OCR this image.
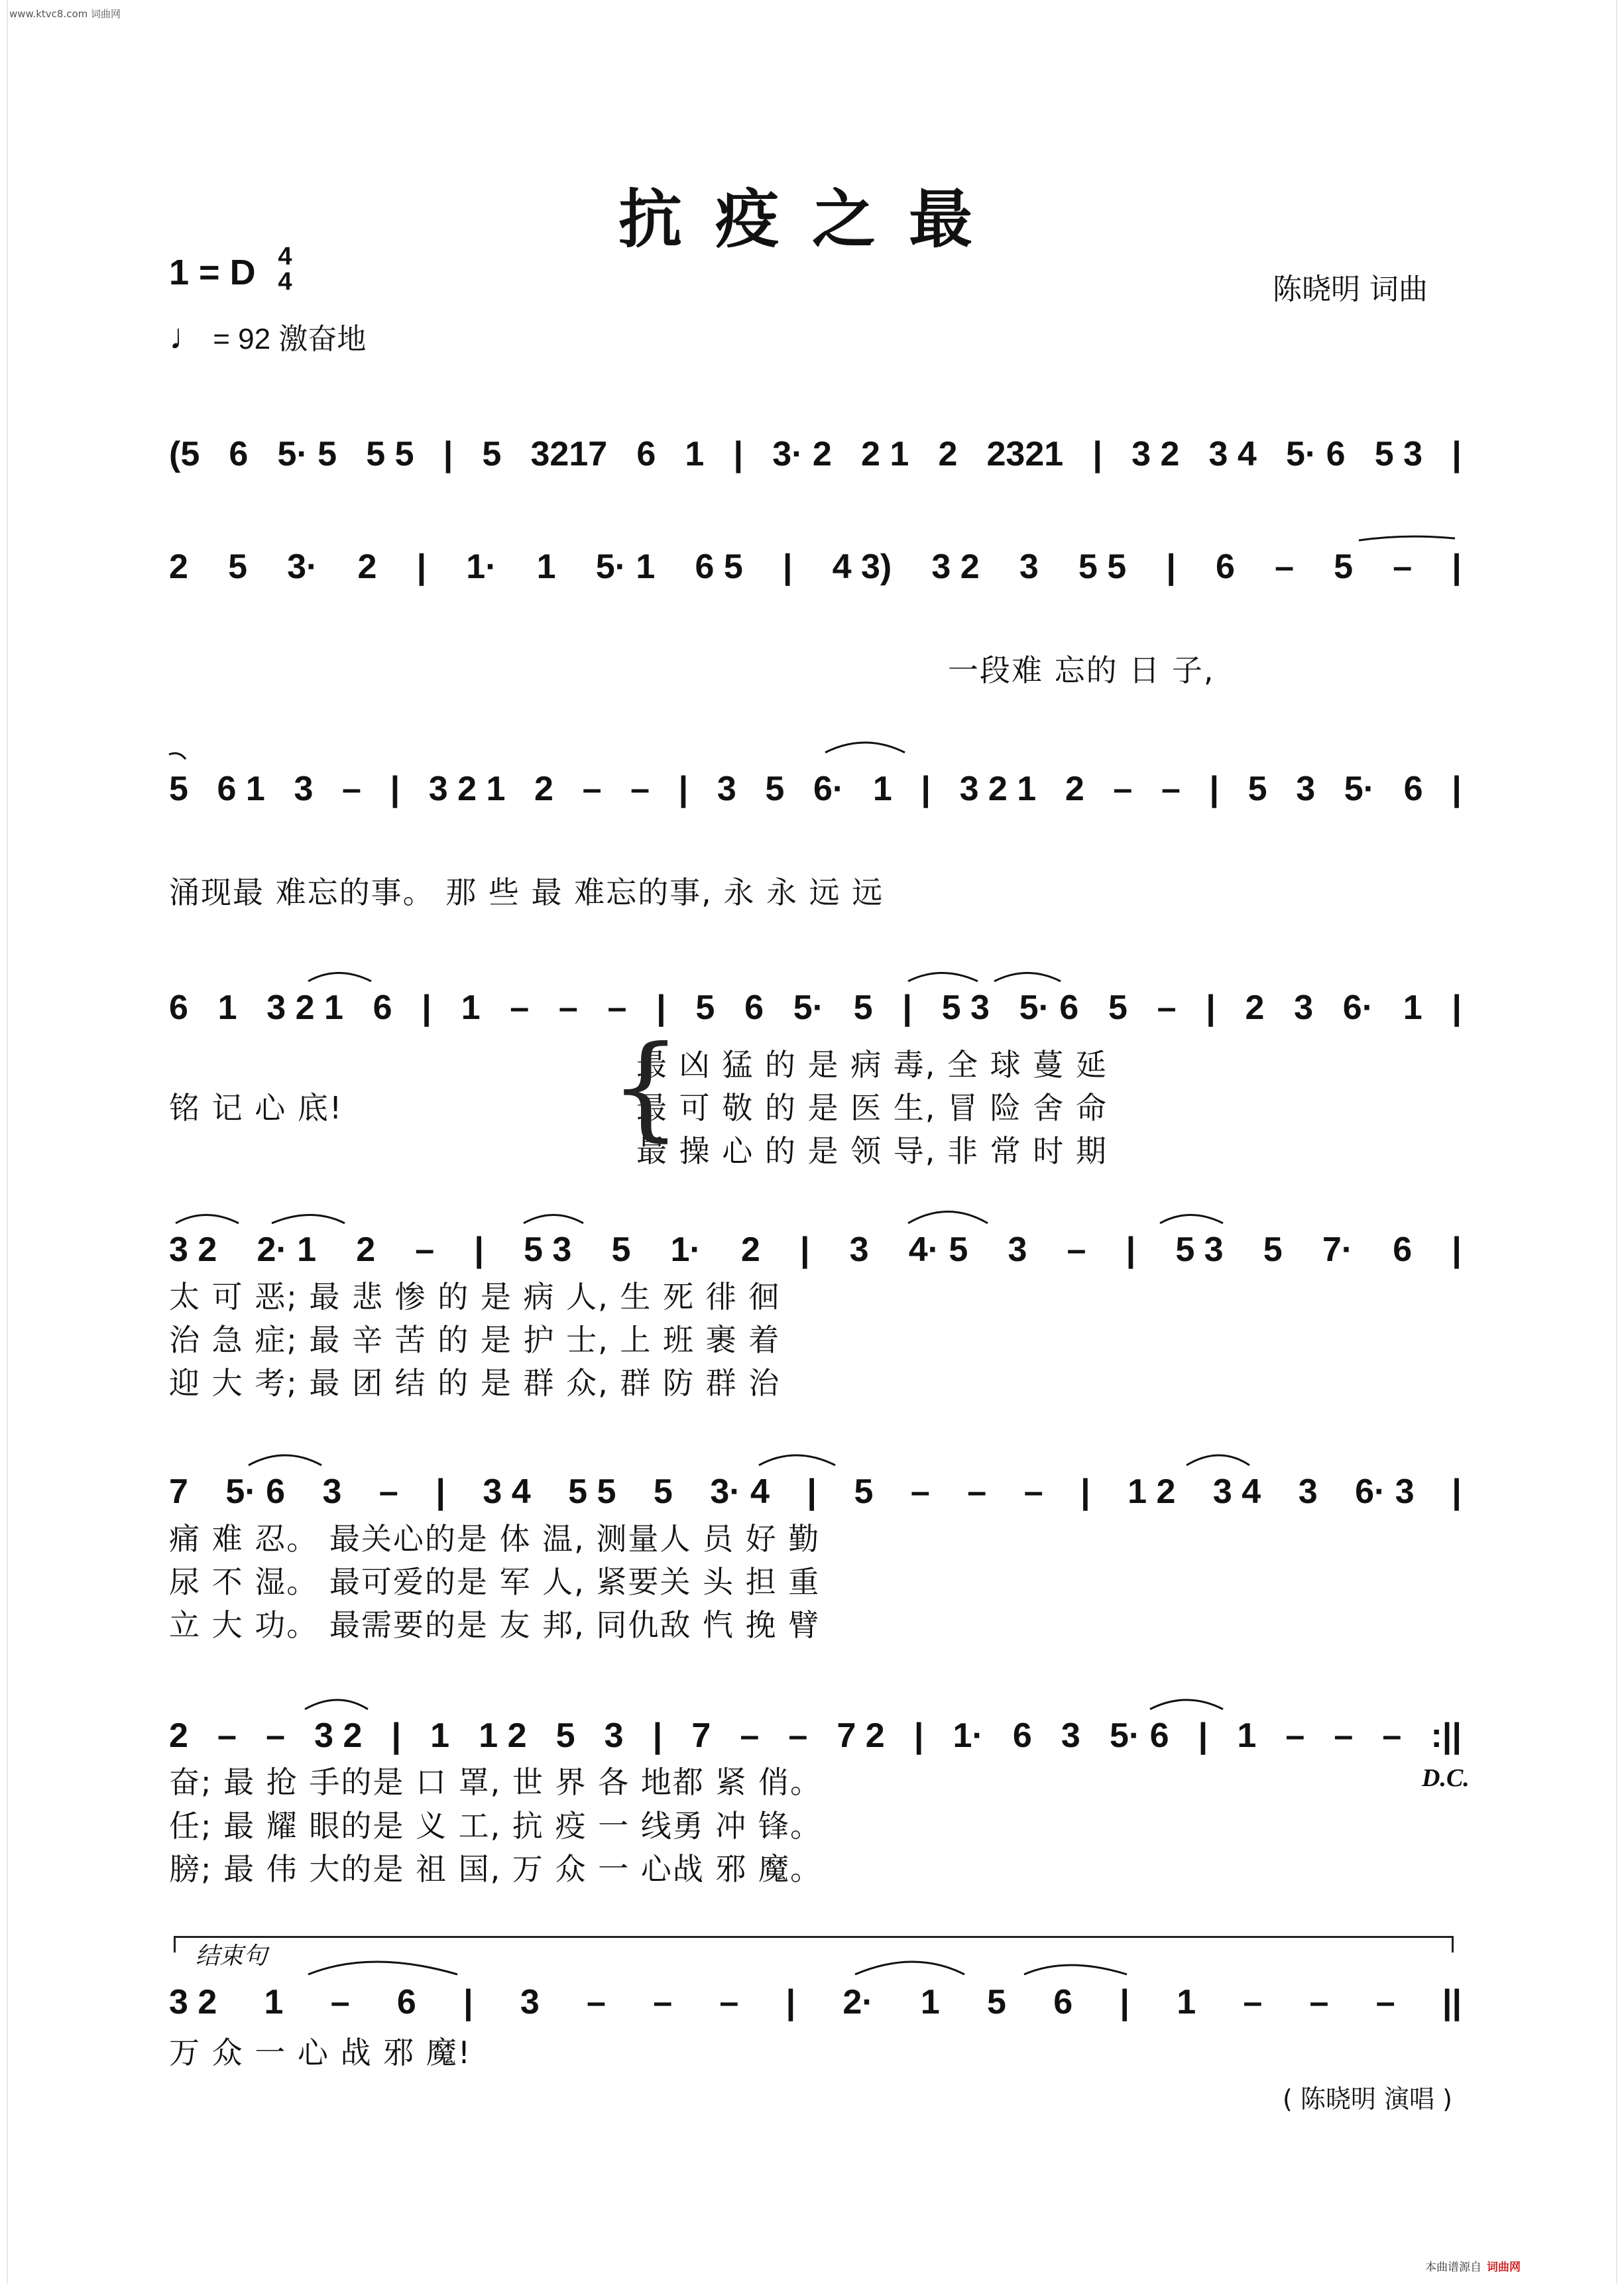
www.ktvc8.com 词曲网
抗疫之最
1 = D 4
4
♩ = 92 激奋地
陈晓明 词曲
(5 6 5· 5 5 5 | 5 3217 6 1 | 3· 2 2 1 2 2321 | 3 2 3 4 5· 6 5 3 |
2 5 3· 2 | 1· 1 5· 1 6 5 | 4 3) 3 2 3 5 5 | 6 – 5 – |
一段难 忘的 日 子,
5 6 1 3 – | 3 2 1 2 – – | 3 5 6· 1 | 3 2 1 2 – – | 5 3 5· 6 |
涌现最 难忘的事。 那 些 最 难忘的事, 永 永 远 远
6 1 3 2 1 6 | 1 – – – | 5 6 5· 5 | 5 3 5· 6 5 – | 2 3 6· 1 |
最 凶 猛 的 是 病 毒, 全 球 蔓 延
最 可 敬 的 是 医 生, 冒 险 舍 命
最 操 心 的 是 领 导, 非 常 时 期
铭 记 心 底!
3 2 2· 1 2 – | 5 3 5 1· 2 | 3 4· 5 3 – | 5 3 5 7· 6 |
太 可 恶; 最 悲 惨 的 是 病 人, 生 死 徘 徊
治 急 症; 最 辛 苦 的 是 护 士, 上 班 裹 着
迎 大 考; 最 团 结 的 是 群 众, 群 防 群 治
7 5· 6 3 – | 3 4 5 5 5 3· 4 | 5 – – – | 1 2 3 4 3 6· 3 |
痛 难 忍。 最关心的是 体 温, 测量人 员 好 勤
尿 不 湿。 最可爱的是 军 人, 紧要关 头 担 重
立 大 功。 最需要的是 友 邦, 同仇敌 忾 挽 臂
2 – – 3 2 | 1 1 2 5 3 | 7 – – 7 2 | 1· 6 3 5· 6 | 1 – – – :||
奋; 最 抢 手的是 口 罩, 世 界 各 地都 紧 俏。
任; 最 耀 眼的是 义 工, 抗 疫 一 线勇 冲 锋。
膀; 最 伟 大的是 祖 国, 万 众 一 心战 邪 魔。
3 2 1 – 6 | 3 – – – | 2· 1 5 6 | 1 – – – ||
万 众 一 心 战 邪 魔!
{
D.C.
结束句
( 陈晓明 演唱 )
本曲谱源自 词曲网
